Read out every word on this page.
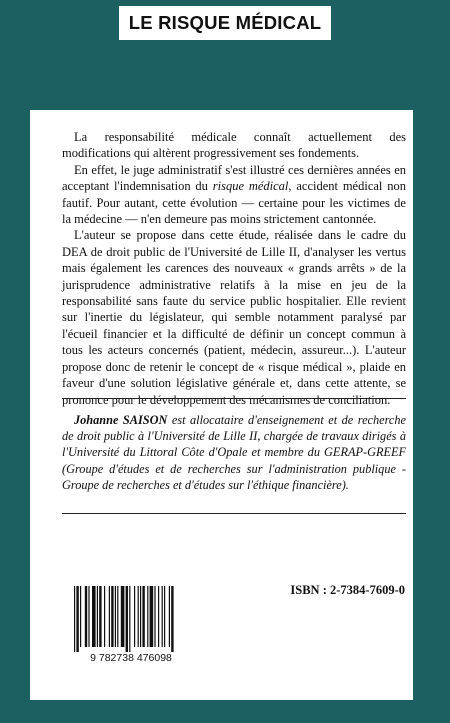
LE RISQUE MÉDICAL

La responsabilité médicale connaît actuellement des modifications qui altèrent progressivement ses fondements.

En effet, le juge administratif s'est illustré ces dernières années en acceptant l'indemnisation du risque médical, accident médical non fautif. Pour autant, cette évolution — certaine pour les victimes de la médecine — n'en demeure pas moins strictement cantonnée.

L'auteur se propose dans cette étude, réalisée dans le cadre du DEA de droit public de l'Université de Lille II, d'analyser les vertus mais également les carences des nouveaux « grands arrêts » de la jurisprudence administrative relatifs à la mise en jeu de la responsabilité sans faute du service public hospitalier. Elle revient sur l'inertie du législateur, qui semble notamment paralysé par l'écueil financier et la difficulté de définir un concept commun à tous les acteurs concernés (patient, médecin, assureur...). L'auteur propose donc de retenir le concept de « risque médical », plaide en faveur d'une solution législative générale et, dans cette attente, se prononce pour le développement des mécanismes de conciliation.

Johanne SAISON est allocataire d'enseignement et de recherche de droit public à l'Université de Lille II, chargée de travaux dirigés à l'Université du Littoral Côte d'Opale et membre du GERAP-GREEF (Groupe d'études et de recherches sur l'administration publique - Groupe de recherches et d'études sur l'éthique financière).

9 782738 476098
ISBN : 2-7384-7609-0
